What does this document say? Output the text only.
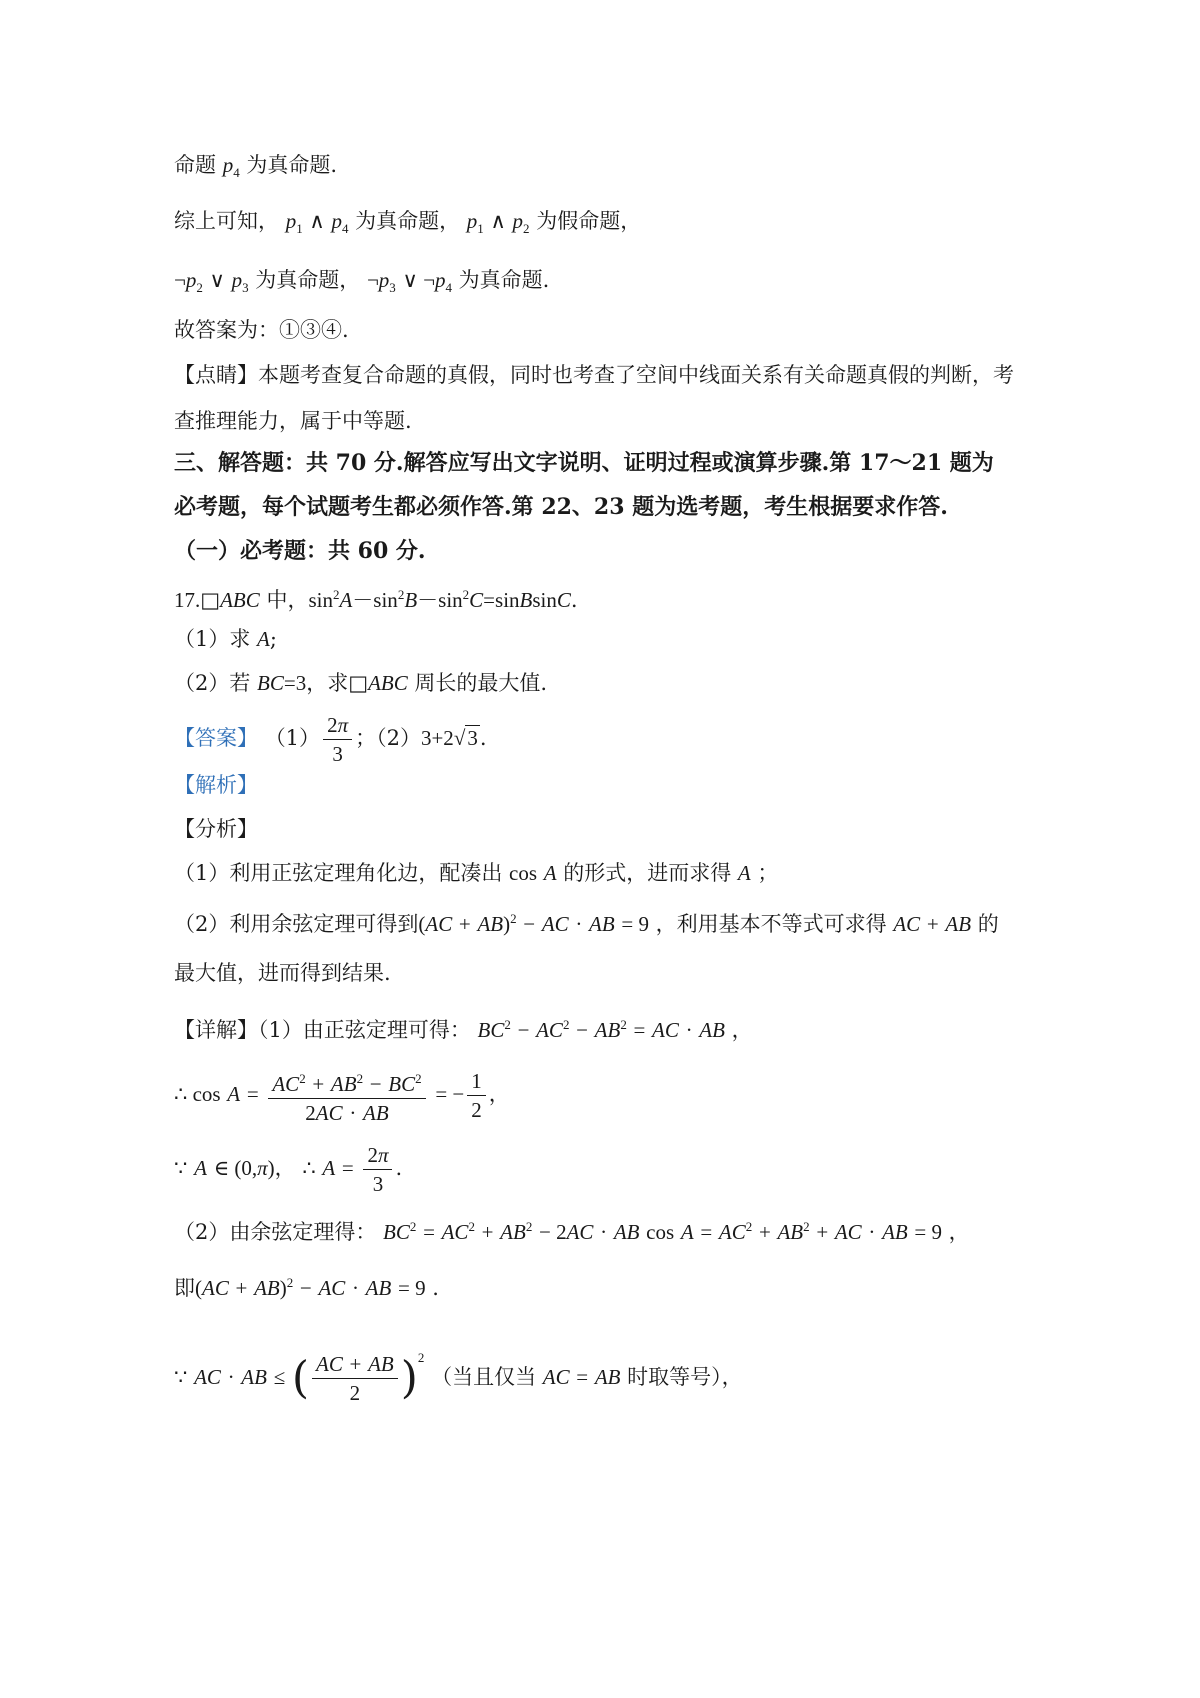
命题 $p_4$ 为真命题.
综上可知， $p_1$ ∧ $p_4$ 为真命题， $p_1$ ∧ $p_2$ 为假命题，
$\neg p_2$ ∨ $p_3$ 为真命题， $\neg p_3$ ∨ $\neg p_4$ 为真命题.
故答案为：①③④.
【点睛】本题考查复合命题的真假，同时也考查了空间中线面关系有关命题真假的判断，考
查推理能力，属于中等题.
三、解答题：共 70 分.解答应写出文字说明、证明过程或演算步骤.第 17～21 题为
必考题，每个试题考生都必须作答.第 22、23 题为选考题，考生根据要求作答.
（一）必考题：共 60 分.
17.□ABC 中，$\sin^2A-\sin^2B-\sin^2C=sinBsinC$.
（1）求 A;
（2）若 BC=3，求□ABC 周长的最大值.
【答案】 $(1) \frac{2\pi}{3}$ ；（2）3+2√3.
【解析】
【分析】
（1）利用正弦定理角化边，配凑出 cos A 的形式，进而求得 A ；
（2）利用余弦定理可得到(AC + AB)$^2$ − AC · AB = 9 ，利用基本不等式可求得 AC + AB 的
最大值，进而得到结果.
【详解】（1）由正弦定理可得： $BC^2 - AC^2 - AB^2$ = AC · AB ，
∴ $\cos A = \frac{AC^2 + AB^2 - BC^2}{2AC \cdot AB}$ = − $\frac{1}{2}$ ，
∵ A ∈ (0,π)， ∴ $A = \frac{2\pi}{3}$ .
（2）由余弦定理得： $BC^2 = AC^2 + AB^2 - 2AC$ · AB $\cos A = AC^2 + AB^2$ + AC · AB = 9 ，
即(AC + AB)$^2$ − AC · AB = 9 .
∵ AC · AB ≤ ( $\frac{AC + AB}{2} )^2$ （当且仅当 AC = AB 时取等号），
